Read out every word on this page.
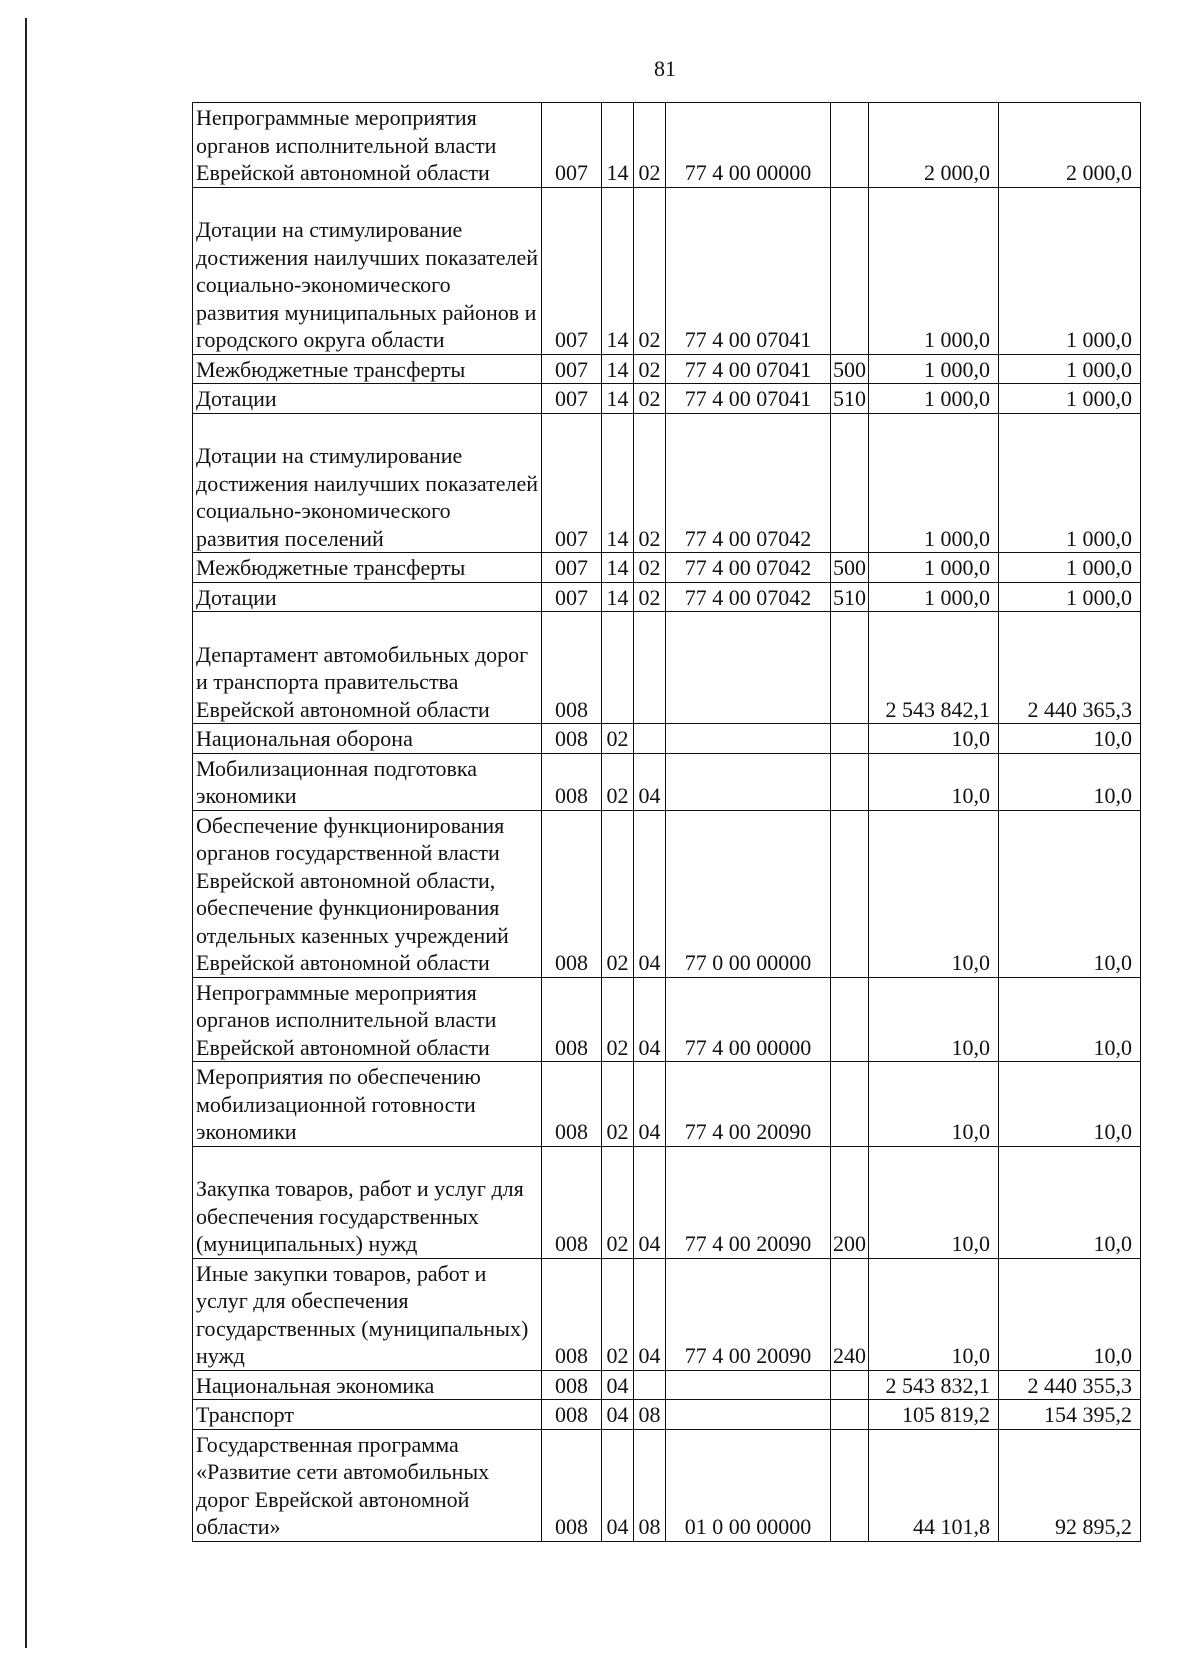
81
Непрограммные мероприятия органов исполнительной власти Еврейской автономной области	007	14	02	77 4 00 00000		2 000,0	2 000,0
Дотации на стимулирование достижения наилучших показателей социально-экономического развития муниципальных районов и городского округа области	007	14	02	77 4 00 07041		1 000,0	1 000,0
Межбюджетные трансферты	007	14	02	77 4 00 07041	500	1 000,0	1 000,0
Дотации	007	14	02	77 4 00 07041	510	1 000,0	1 000,0
Дотации на стимулирование достижения наилучших показателей социально-экономического развития поселений	007	14	02	77 4 00 07042		1 000,0	1 000,0
Межбюджетные трансферты	007	14	02	77 4 00 07042	500	1 000,0	1 000,0
Дотации	007	14	02	77 4 00 07042	510	1 000,0	1 000,0
Департамент автомобильных дорог и транспорта правительства Еврейской автономной области	008					2 543 842,1	2 440 365,3
Национальная оборона	008	02				10,0	10,0
Мобилизационная подготовка экономики	008	02	04			10,0	10,0
Обеспечение функционирования органов государственной власти Еврейской автономной области, обеспечение функционирования отдельных казенных учреждений Еврейской автономной области	008	02	04	77 0 00 00000		10,0	10,0
Непрограммные мероприятия органов исполнительной власти Еврейской автономной области	008	02	04	77 4 00 00000		10,0	10,0
Мероприятия по обеспечению мобилизационной готовности экономики	008	02	04	77 4 00 20090		10,0	10,0
Закупка товаров, работ и услуг для обеспечения государственных (муниципальных) нужд	008	02	04	77 4 00 20090	200	10,0	10,0
Иные закупки товаров, работ и услуг для обеспечения государственных (муниципальных) нужд	008	02	04	77 4 00 20090	240	10,0	10,0
Национальная экономика	008	04				2 543 832,1	2 440 355,3
Транспорт	008	04	08			105 819,2	154 395,2
Государственная программа «Развитие сети автомобильных дорог Еврейской автономной области»	008	04	08	01 0 00 00000		44 101,8	92 895,2
